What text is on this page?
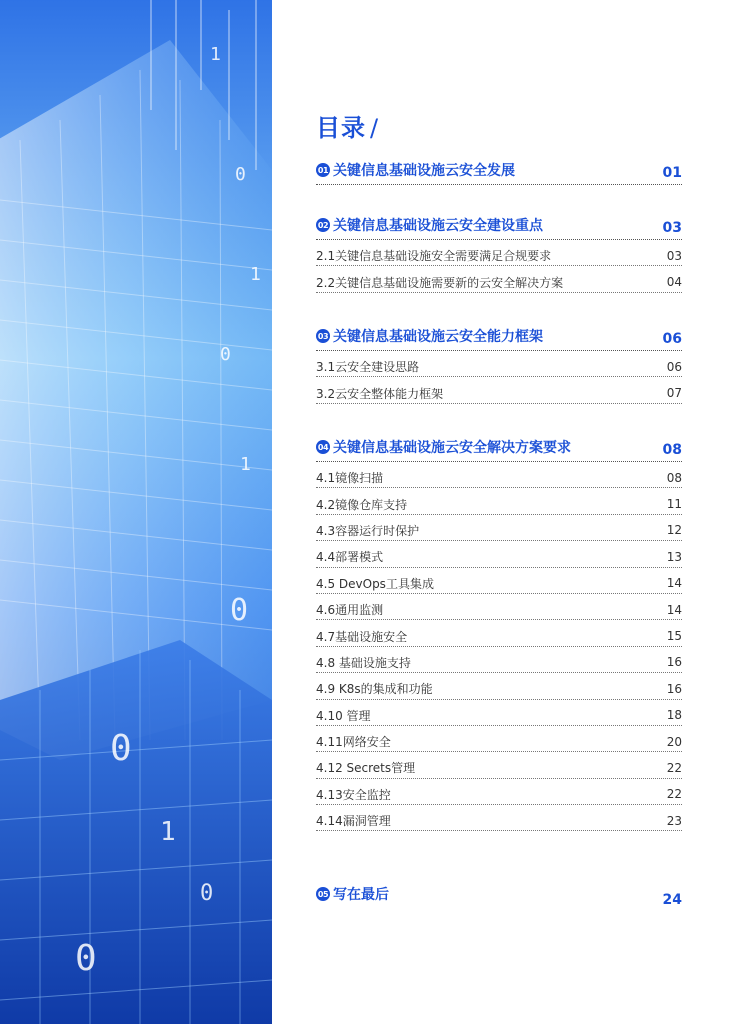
1
0
1
0
1
0
0
1
0
0
目录 /
01 关键信息基础设施云安全发展	01
02 关键信息基础设施云安全建设重点	03
2.1关键信息基础设施安全需要满足合规要求	03
2.2关键信息基础设施需要新的云安全解决方案	04
03 关键信息基础设施云安全能力框架	06
3.1云安全建设思路	06
3.2云安全整体能力框架	07
04 关键信息基础设施云安全解决方案要求	08
4.1镜像扫描	08
4.2镜像仓库支持	11
4.3容器运行时保护	12
4.4部署模式	13
4.5 DevOps工具集成	14
4.6通用监测	14
4.7基础设施安全	15
4.8 基础设施支持	16
4.9 K8s的集成和功能	16
4.10 管理	18
4.11网络安全	20
4.12 Secrets管理	22
4.13安全监控	22
4.14漏洞管理	23
05 写在最后	24
